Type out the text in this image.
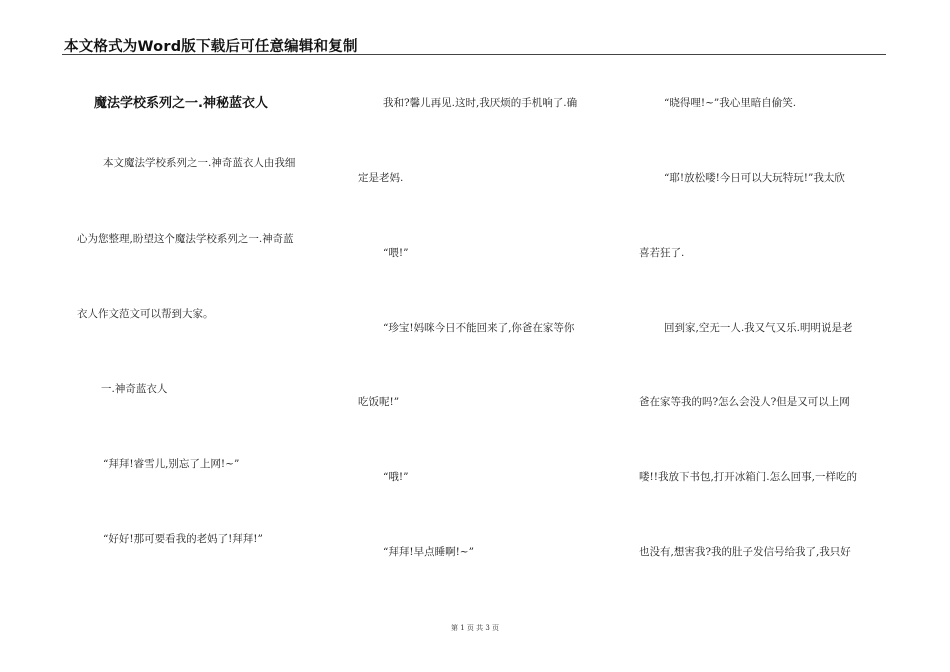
本文格式为Word版下载后可任意编辑和复制
魔法学校系列之一.神秘蓝衣人
本文魔法学校系列之一.神奇蓝衣人由我细
心为您整理,盼望这个魔法学校系列之一.神奇蓝
衣人作文范文可以帮到大家。
一.神奇蓝衣人
“拜拜!睿雪儿,别忘了上网!~”
“好好!那可要看我的老妈了!拜拜!”
我和?馨儿再见.这时,我厌烦的手机响了.确
定是老妈.
“喂!”
“珍宝!妈咪今日不能回来了,你爸在家等你
吃饭呢!”
“哦!”
“拜拜!早点睡啊!~”
“晓得哩!~”我心里暗自偷笑.
“耶!放松喽!今日可以大玩特玩!”我太欣
喜若狂了.
回到家,空无一人.我又气又乐.明明说是老
爸在家等我的吗?怎么会没人?但是又可以上网
喽!!我放下书包,打开冰箱门.怎么回事,一样吃的
也没有,想害我?我的肚子发信号给我了,我只好
第 1 页 共 3 页
